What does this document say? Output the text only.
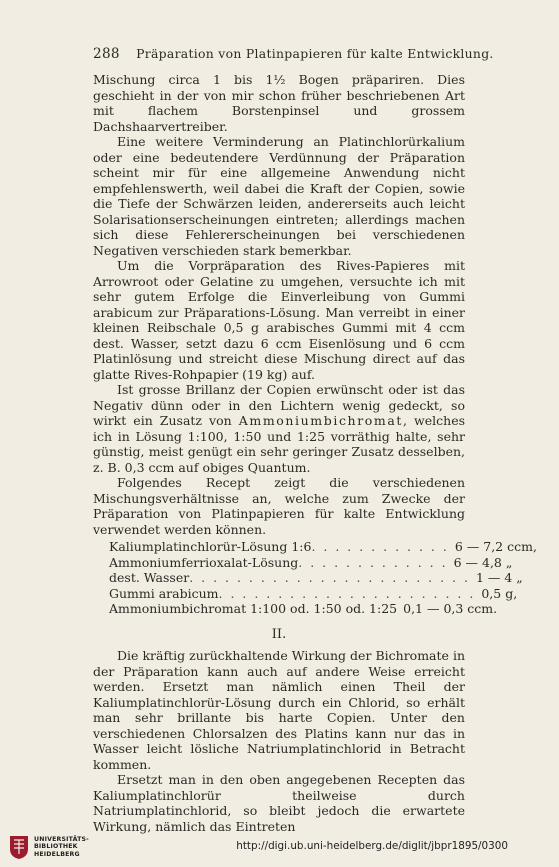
288 Präparation von Platinpapieren für kalte Entwicklung.

Mischung circa 1 bis 1½ Bogen präpariren. Dies geschieht in der von mir schon früher beschriebenen Art mit flachem Borstenpinsel und grossem Dachshaarvertreiber.

Eine weitere Verminderung an Platinchlorürkalium oder eine bedeutendere Verdünnung der Präparation scheint mir für eine allgemeine Anwendung nicht empfehlenswerth, weil dabei die Kraft der Copien, sowie die Tiefe der Schwärzen leiden, andererseits auch leicht Solarisationserscheinungen eintreten; allerdings machen sich diese Fehlererscheinungen bei verschiedenen Negativen verschieden stark bemerkbar.

Um die Vorpräparation des Rives-Papieres mit Arrowroot oder Gelatine zu umgehen, versuchte ich mit sehr gutem Erfolge die Einverleibung von Gummi arabicum zur Präparations-Lösung. Man verreibt in einer kleinen Reibschale 0,5 g arabisches Gummi mit 4 ccm dest. Wasser, setzt dazu 6 ccm Eisenlösung und 6 ccm Platinlösung und streicht diese Mischung direct auf das glatte Rives-Rohpapier (19 kg) auf.

Ist grosse Brillanz der Copien erwünscht oder ist das Negativ dünn oder in den Lichtern wenig gedeckt, so wirkt ein Zusatz von Ammoniumbichromat, welches ich in Lösung 1:100, 1:50 und 1:25 vorräthig halte, sehr günstig, meist genügt ein sehr geringer Zusatz desselben, z. B. 0,3 ccm auf obiges Quantum.

Folgendes Recept zeigt die verschiedenen Mischungsverhältnisse an, welche zum Zwecke der Präparation von Platinpapieren für kalte Entwicklung verwendet werden können.

Kaliumplatinchlorür-Lösung 1:6 . . . . . . . . . . . . 6 — 7,2 ccm,
Ammoniumferrioxalat-Lösung . . . . . . . . . . . . . 6 — 4,8 „
dest. Wasser . . . . . . . . . . . . . . . . . . . . . . . . 1 — 4 „
Gummi arabicum . . . . . . . . . . . . . . . . . . . . . . 0,5 g,
Ammoniumbichromat 1:100 od. 1:50 od. 1:25 0,1 — 0,3 ccm.
II.

Die kräftig zurückhaltende Wirkung der Bichromate in der Präparation kann auch auf andere Weise erreicht werden. Ersetzt man nämlich einen Theil der Kaliumplatinchlorür-Lösung durch ein Chlorid, so erhält man sehr brillante bis harte Copien. Unter den verschiedenen Chlorsalzen des Platins kann nur das in Wasser leicht lösliche Natriumplatinchlorid in Betracht kommen.

Ersetzt man in den oben angegebenen Recepten das Kaliumplatinchlorür theilweise durch Natriumplatinchlorid, so bleibt jedoch die erwartete Wirkung, nämlich das Eintreten

UNIVERSITÄTS-
BIBLIOTHEK
HEIDELBERG
http://digi.ub.uni-heidelberg.de/diglit/jbpr1895/0300
